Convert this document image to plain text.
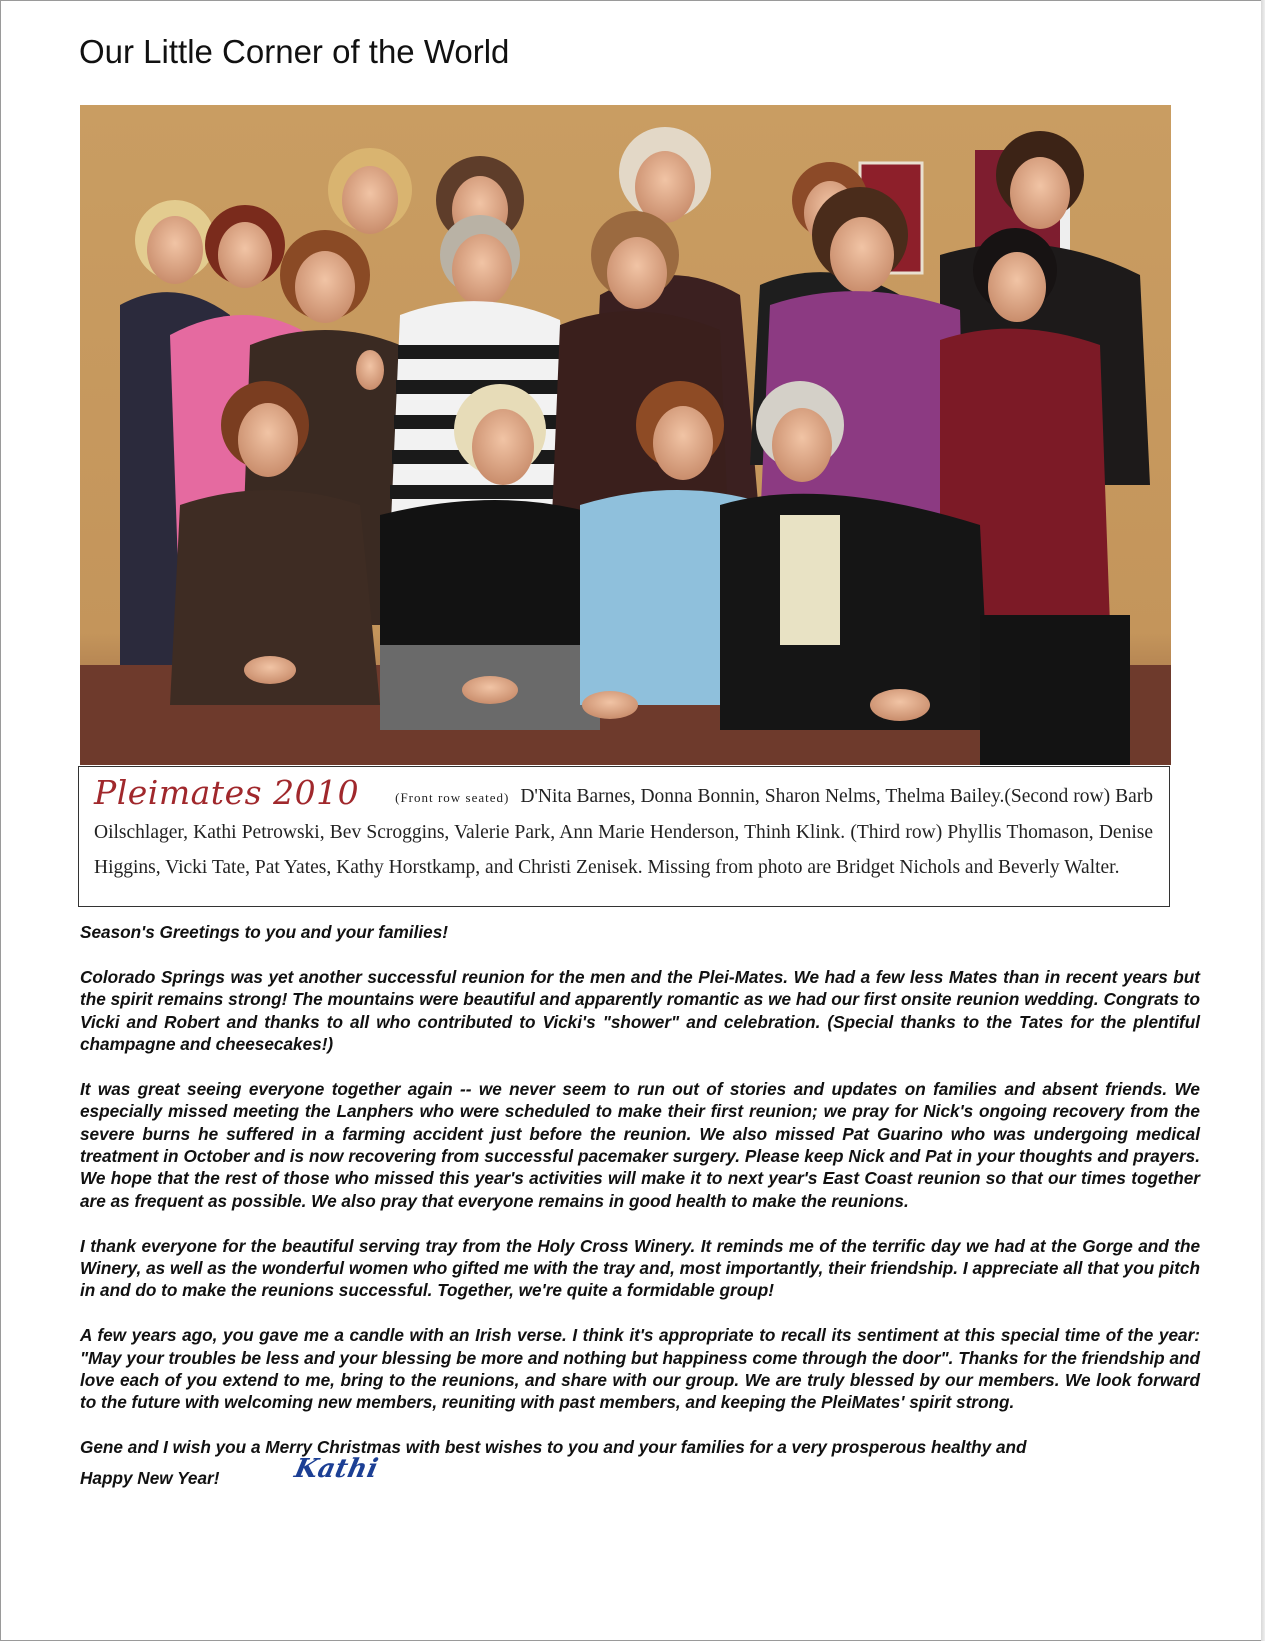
Our Little Corner of the World
Pleimates 2010	(Front row seated) D'Nita Barnes, Donna Bonnin, Sharon Nelms, Thelma Bailey.(Second row) Barb Oilschlager, Kathi Petrowski, Bev Scroggins, Valerie Park, Ann Marie Henderson, Thinh Klink. (Third row) Phyllis Thomason, Denise Higgins, Vicki Tate, Pat Yates, Kathy Horstkamp, and Christi Zenisek. Missing from photo are Bridget Nichols and Beverly Walter.

Season's Greetings to you and your families!

Colorado Springs was yet another successful reunion for the men and the Plei-Mates. We had a few less Mates than in recent years but the spirit remains strong! The mountains were beautiful and apparently romantic as we had our first onsite reunion wedding. Congrats to Vicki and Robert and thanks to all who contributed to Vicki's "shower" and celebration. (Special thanks to the Tates for the plentiful champagne and cheesecakes!)

It was great seeing everyone together again -- we never seem to run out of stories and updates on families and absent friends. We especially missed meeting the Lanphers who were scheduled to make their first reunion; we pray for Nick's ongoing recovery from the severe burns he suffered in a farming accident just before the reunion. We also missed Pat Guarino who was undergoing medical treatment in October and is now recovering from successful pacemaker surgery. Please keep Nick and Pat in your thoughts and prayers. We hope that the rest of those who missed this year's activities will make it to next year's East Coast reunion so that our times together are as frequent as possible. We also pray that everyone remains in good health to make the reunions.

I thank everyone for the beautiful serving tray from the Holy Cross Winery. It reminds me of the terrific day we had at the Gorge and the Winery, as well as the wonderful women who gifted me with the tray and, most importantly, their friendship. I appreciate all that you pitch in and do to make the reunions successful. Together, we're quite a formidable group!

A few years ago, you gave me a candle with an Irish verse. I think it's appropriate to recall its sentiment at this special time of the year: "May your troubles be less and your blessing be more and nothing but happiness come through the door". Thanks for the friendship and love each of you extend to me, bring to the reunions, and share with our group. We are truly blessed by our members. We look forward to the future with welcoming new members, reuniting with past members, and keeping the PleiMates' spirit strong.

Gene and I wish you a Merry Christmas with best wishes to you and your families for a very prosperous healthy and

Happy New Year!	Kathi
